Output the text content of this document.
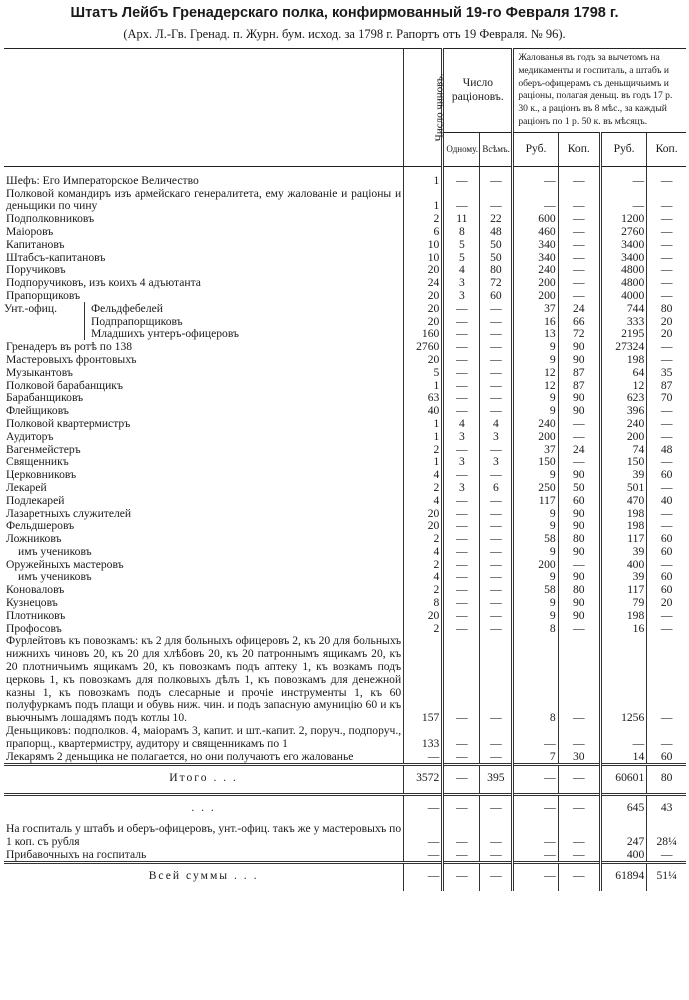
Штатъ Лейбъ Гренадерскаго полка, конфирмованный 19-го Февраля 1798 г.
(Арх. Л.-Гв. Гренад. п. Журн. бум. исход. за 1798 г. Рапортъ отъ 19 Февраля. № 96).
	Число чиновъ.	Число раціоновъ.		Жалованья въ годъ за вычетомъ на медикаменты и госпиталь, а штабъ и оберъ-офицерамъ съ деньщичьимъ и раціоны, полагая деньщ. въ годъ 17 р. 30 к., а раціонъ въ 8 мѣс., за каждый раціонъ по 1 р. 50 к. въ мѣсяцъ.			
		Одному.	Всѣмъ.	Руб.	Коп.	Руб.	Коп.

Шефъ: Его Императорское Величество	1	—	—	—	—	—	—
Полковой командиръ изъ армейскаго генералитета, ему жалованіе и раціоны и деньщики по чину	1	—	—	—	—	—	—
Подполковниковъ	2	11	22	600	—	1200	—
Маіоровъ	6	8	48	460	—	2760	—
Капитановъ	10	5	50	340	—	3400	—
Штабсъ-капитановъ	10	5	50	340	—	3400	—
Поручиковъ	20	4	80	240	—	4800	—
Подпоручиковъ, изъ коихъ 4 адъютанта	24	3	72	200	—	4800	—
Прапорщиковъ	20	3	60	200	—	4000	—
Унт.-офиц. Фельдфебелей	20	—	—	37	24	744	80
Подпрапорщиковъ	20	—	—	16	66	333	20
Младшихъ унтеръ-офицеровъ	160	—	—	13	72	2195	20
Гренадеръ въ ротѣ по 138	2760	—	—	9	90	27324	—
Мастеровыхъ фронтовыхъ	20	—	—	9	90	198	—
Музыкантовъ	5	—	—	12	87	64	35
Полковой барабанщикъ	1	—	—	12	87	12	87
Барабанщиковъ	63	—	—	9	90	623	70
Флейщиковъ	40	—	—	9	90	396	—
Полковой квартермистръ	1	4	4	240	—	240	—
Аудиторъ	1	3	3	200	—	200	—
Вагенмейстеръ	2	—	—	37	24	74	48
Священникъ	1	3	3	150	—	150	—
Церковниковъ	4	—	—	9	90	39	60
Лекарей	2	3	6	250	50	501	—
Подлекарей	4	—	—	117	60	470	40
Лазаретныхъ служителей	20	—	—	9	90	198	—
Фельдшеровъ	20	—	—	9	90	198	—
Ложниковъ	2	—	—	58	80	117	60
имъ учениковъ	4	—	—	9	90	39	60
Оружейныхъ мастеровъ	2	—	—	200	—	400	—
имъ учениковъ	4	—	—	9	90	39	60
Коноваловъ	2	—	—	58	80	117	60
Кузнецовъ	8	—	—	9	90	79	20
Плотниковъ	20	—	—	9	90	198	—
Профосовъ	2	—	—	8	—	16	—
Фурлейтовъ къ повозкамъ: къ 2 для больныхъ офицеровъ 2, къ 20 для больныхъ нижнихъ чиновъ 20, къ 20 для хлѣбовъ 20, къ 20 патроннымъ ящикамъ 20, къ 20 плотничьимъ ящикамъ 20, къ повозкамъ подъ аптеку 1, къ возкамъ подъ церковь 1, къ повозкамъ для полковыхъ дѣлъ 1, къ повозкамъ для денежной казны 1, къ повозкамъ подъ слесарные и прочіе инструменты 1, къ 60 полуфуркамъ подъ плащи и обувь ниж. чин. и подъ запасную амуницію 60 и къ вьючнымъ лошадямъ подъ котлы 10.	157	—	—	8	—	1256	—
Деньщиковъ: подполков. 4, маіорамъ 3, капит. и шт.-капит. 2, поруч., подпоруч., прапорщ., квартермистру, аудитору и священникамъ по 1	133	—	—	—	—	—	—
Лекарямъ 2 деньщика не полагается, но они получаютъ его жалованье	—	—	—	7	30	14	60
Итого . . .	3572	—	395	—	—	60601	80
. . .	—	—	—	—	—	645	43
На госпиталь у штабъ и оберъ-офицеровъ, унт.-офиц. такъ же у мастеровыхъ по 1 коп. съ рубля	—	—	—	—	—	247	28¼
Прибавочныхъ на госпиталь	—	—	—	—	—	400	—
Всей суммы . . .	—	—	—	—	—	61894	51¼
